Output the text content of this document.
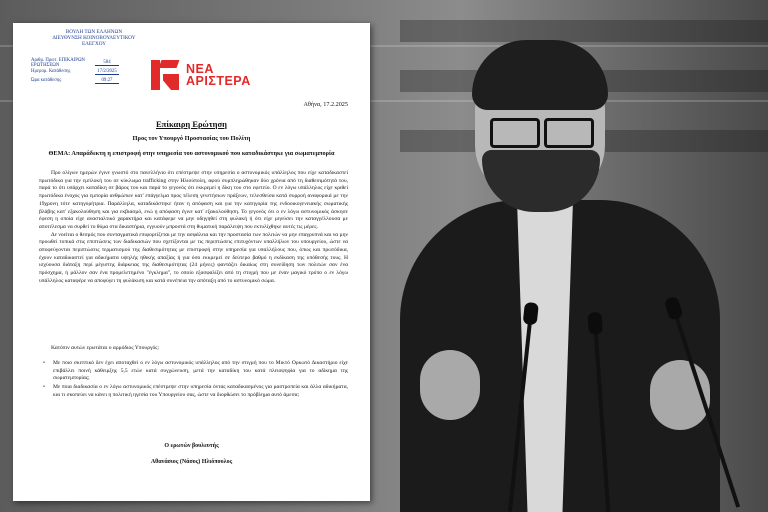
ΒΟΥΛΗ ΤΩΝ ΕΛΛΗΝΩΝ
ΔΙΕΥΘΥΝΣΗ ΚΟΙΝΟΒΟΥΛΕΥΤΙΚΟΥ ΕΛΕΓΧΟΥ
Αριθμ. Πρωτ. ΕΠΙΚΑΙΡΩΝ ΕΡΩΤΗΣΕΩΝ
584
Ημερομ. Κατάθεσης	17/2/2025
Ώρα κατάθεσης	09:27
ΝΕΑ
ΑΡΙΣΤΕΡΑ
Αθήνα, 17.2.2025
Επίκαιρη Ερώτηση
Προς τον Υπουργό Προστασίας του Πολίτη
ΘΕΜΑ: Απαράδεκτη η επιστροφή στην υπηρεσία του αστυνομικού που καταδικάστηκε για σωματεμπορία

Προ ολίγων ημερών έγινε γνωστό στο πανελλήνιο ότι επέστρεψε στην υπηρεσία ο αστυνομικός υπάλληλος που είχε καταδικαστεί πρωτόδικα για την εμπλοκή του σε κύκλωμα trafficking στην Ηλιούπολη, αφού συμπληρώθηκαν δύο χρόνια από τη διαθεσιμότητά του, παρά το ότι υπάρχει καταδίκη σε βάρος του και παρά το γεγονός ότι εκκρεμεί η δίκη του στο εφετείο. Ο εν λόγω υπάλληλος είχε κριθεί πρωτόδικα ένοχος για εμπορία ανθρώπων κατ' επάγγελμα προς τέλεση γενετήσιων πράξεων, τελεσθείσα κατά συρροή αναφορικά με την 19χρονη τότε κατηγορήτρια. Παράλληλα, καταδικάστηκε ήταν η απόφαση και για την κατηγορία της ενδοοικογενειακής σωματικής βλάβης κατ' εξακολούθηση και για εκβιασμό, ενώ η απόφαση έγινε κατ' εξακολούθηση. Το γεγονός ότι ο εν λόγω αστυνομικός άσκησε έφεση η οποία είχε ανασταλτικό χαρακτήρα και κατάφερε να μην οδηγηθεί στη φυλακή ή ότι είχε μηνύσει την καταγγέλλουσα με αποτέλεσμα να συρθεί το θύμα στα δικαστήρια, εγγυούν μπροστά στη θυματική παράλειψη που εκτυλίχθηκε αυτές τις μέρες.

Δε νοείται ο θεσμός που συνταγματικά επιφορτίζεται με την ασφάλεια και την προστασία των πολιτών να μην επαγρυπνά και να μην προωθεί τοπικά στις επιπτώσεις των διαδικασιών που σχετίζονται με τις περιπτώσεις επιτυχόντων υπαλλήλων του υπουργείου, ώστε να αποφεύγονται περιπτώσεις τερματισμού της διαθεσιμότητας με επιστροφή στην υπηρεσία για υπαλλήλους που, όπως και πρωτόδικα, έχουν καταδικαστεί για αδικήματα υψηλής ηθικής απαξίας ή για όσο εκκρεμεί σε δεύτερο βαθμό η εκδίκαση της υπόθεσής τους. Η ισχύουσα διάταξη περί μέγιστης διάρκειας της διαθεσιμότητας (24 μήνες) φαντάζει δικαίως στη συνείδηση των πολιτών σαν ένα πρόσχημα, ή μάλλον σαν ένα προμελετημένο "έγκλημα", το οποίο εξασφαλίζει από τη στιγμή που με έναν μαγικό τρόπο ο εν λόγω υπάλληλος καταφέρε να αποφύγει τη φυλάκιση και κατά συνέπεια την απόταξη από το αστυνομικό σώμα.

Κατόπιν αυτών ερωτάται ο αρμόδιος Υπουργός:
• Με ποιο σκεπτικό δεν έχει αποταχθεί ο εν λόγω αστυνομικός υπάλληλος από την στιγμή που το Μικτό Ορκωτό Δικαστήριο είχε επιβάλλει ποινή κάθειρξης 5,5 ετών κατά συγχώνευση, μετά την καταδίκη του κατά πλειοψηφία για το αδίκημα της σωματεμπορίας;
• Με ποια διαδικασία ο εν λόγω αστυνομικός επέστρεψε στην υπηρεσία όντας καταδικασμένος για μαστροπεία και άλλα αδικήματα, και τι σκοπεύει να κάνει η πολιτική ηγεσία του Υπουργείου σας, ώστε να διορθώσει το πρόβλημα αυτό άμεσα;
Ο ερωτών βουλευτής
Αθανάσιος (Νάσος) Ηλιόπουλος
